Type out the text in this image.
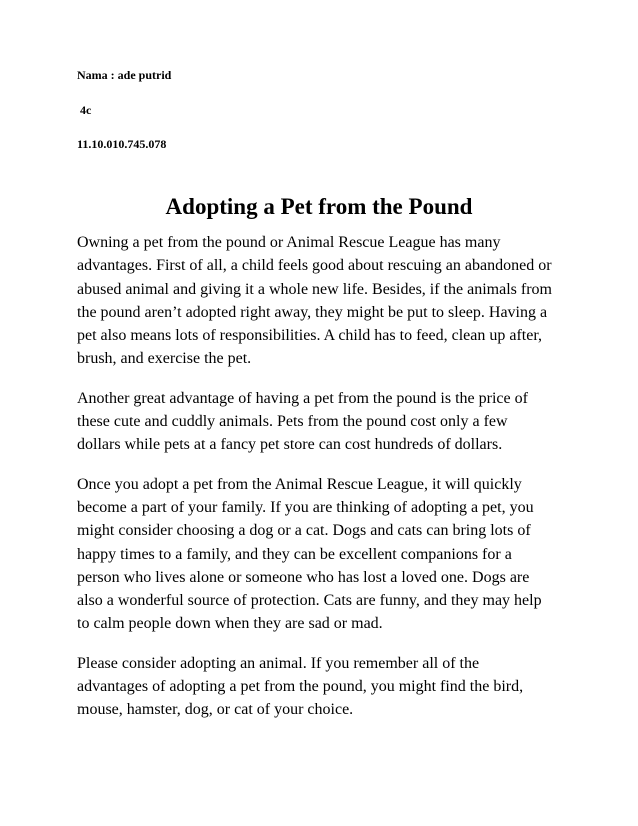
Nama : ade putrid
4c
11.10.010.745.078
Adopting a Pet from the Pound

Owning a pet from the pound or Animal Rescue League has many
advantages. First of all, a child feels good about rescuing an abandoned or
abused animal and giving it a whole new life. Besides, if the animals from
the pound aren’t adopted right away, they might be put to sleep. Having a
pet also means lots of responsibilities. A child has to feed, clean up after,
brush, and exercise the pet.

Another great advantage of having a pet from the pound is the price of
these cute and cuddly animals. Pets from the pound cost only a few
dollars while pets at a fancy pet store can cost hundreds of dollars.

Once you adopt a pet from the Animal Rescue League, it will quickly
become a part of your family. If you are thinking of adopting a pet, you
might consider choosing a dog or a cat. Dogs and cats can bring lots of
happy times to a family, and they can be excellent companions for a
person who lives alone or someone who has lost a loved one. Dogs are
also a wonderful source of protection. Cats are funny, and they may help
to calm people down when they are sad or mad.

Please consider adopting an animal. If you remember all of the
advantages of adopting a pet from the pound, you might find the bird,
mouse, hamster, dog, or cat of your choice.
